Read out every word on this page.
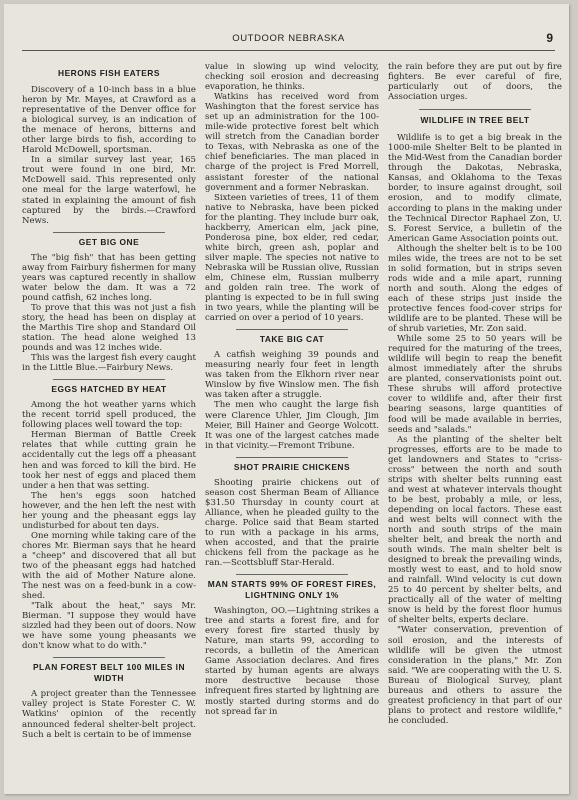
OUTDOOR NEBRASKA	9
HERONS FISH EATERS

Discovery of a 10-inch bass in a blue heron by Mr. Mayes, at Crawford as a representative of the Denver office for a biological survey, is an indication of the menace of herons, bitterns and other large birds to fish, according to Harold McDowell, sportsman.

In a similar survey last year, 165 trout were found in one bird, Mr. McDowell said. This represented only one meal for the large waterfowl, he stated in explaining the amount of fish captured by the birds.—Crawford News.

GET BIG ONE

The "big fish" that has been getting away from Fairbury fishermen for many years was captured recently in shallow water below the dam. It was a 72 pound catfish, 62 inches long.

To prove that this was not just a fish story, the head has been on display at the Marthis Tire shop and Standard Oil station. The head alone weighed 13 pounds and was 12 inches wide.

This was the largest fish every caught in the Little Blue.—Fairbury News.

EGGS HATCHED BY HEAT

Among the hot weather yarns which the recent torrid spell produced, the following places well toward the top:

Herman Bierman of Battle Creek relates that while cutting grain he accidentally cut the legs off a pheasant hen and was forced to kill the bird. He took her nest of eggs and placed them under a hen that was setting.

The hen's eggs soon hatched however, and the hen left the nest with her young and the pheasant eggs lay undisturbed for about ten days.

One morning while taking care of the chores Mr. Bierman says that he heard a "cheep" and discovered that all but two of the pheasant eggs had hatched with the aid of Mother Nature alone. The nest was on a feed-bunk in a cow-shed.

"Talk about the heat," says Mr. Bierman. "I suppose they would have sizzled had they been out of doors. Now we have some young pheasants we don't know what to do with."

PLAN FOREST BELT 100 MILES IN WIDTH

A project greater than the Tennessee valley project is State Forester C. W. Watkins' opinion of the recently announced federal shelter-belt project. Such a belt is certain to be of immense

value in slowing up wind velocity, checking soil erosion and decreasing evaporation, he thinks.

Watkins has received word from Washington that the forest service has set up an administration for the 100-mile-wide protective forest belt which will stretch from the Canadian border to Texas, with Nebraska as one of the chief beneficiaries. The man placed in charge of the project is Fred Morrell, assistant forester of the national government and a former Nebraskan.

Sixteen varieties of trees, 11 of them native to Nebraska, have been picked for the planting. They include burr oak, hackberry, American elm, jack pine, Ponderosa pine, box elder, red cedar, white birch, green ash, poplar and silver maple. The species not native to Nebraska will be Russian olive, Russian elm, Chinese elm, Russian mulberry and golden rain tree. The work of planting is expected to be in full swing in two years, while the planting will be carried on over a period of 10 years.

TAKE BIG CAT

A catfish weighing 39 pounds and measuring nearly four feet in length was taken from the Elkhorn river near Winslow by five Winslow men. The fish was taken after a struggle.

The men who caught the large fish were Clarence Uhler, Jim Clough, Jim Meier, Bill Hainer and George Wolcott. It was one of the largest catches made in that vicinity.—Fremont Tribune.

SHOT PRAIRIE CHICKENS

Shooting prairie chickens out of season cost Sherman Beam of Alliance $31.50 Thursday in county court at Alliance, when he pleaded guilty to the charge. Police said that Beam started to run with a package in his arms, when accosted, and that the prairie chickens fell from the package as he ran.—Scottsbluff Star-Herald.

MAN STARTS 99% OF FOREST FIRES, LIGHTNING ONLY 1%

Washington, OO.—Lightning strikes a tree and starts a forest fire, and for every forest fire started thusly by Nature, man starts 99, according to records, a bulletin of the American Game Association declares. And fires started by human agents are always more destructive because those infrequent fires started by lightning are mostly started during storms and do not spread far in

the rain before they are put out by fire fighters. Be ever careful of fire, particularly out of doors, the Association urges.

WILDLIFE IN TREE BELT

Wildlife is to get a big break in the 1000-mile Shelter Belt to be planted in the Mid-West from the Canadian border through the Dakotas, Nebraska, Kansas, and Oklahoma to the Texas border, to insure against drought, soil erosion, and to modify climate, according to plans in the making under the Technical Director Raphael Zon, U. S. Forest Service, a bulletin of the American Game Association points out.

Although the shelter belt is to be 100 miles wide, the trees are not to be set in solid formation, but in strips seven rods wide and a mile apart, running north and south. Along the edges of each of these strips just inside the protective fences food-cover strips for wildlife are to be planted. These will be of shrub varieties, Mr. Zon said.

While some 25 to 50 years will be required for the maturing of the trees, wildlife will begin to reap the benefit almost immediately after the shrubs are planted, conservationists point out. These shrubs will afford protective cover to wildlife and, after their first bearing seasons, large quantities of food will be made available in berries, seeds and "salads."

As the planting of the shelter belt progresses, efforts are to be made to get landowners and States to "criss-cross" between the north and south strips with shelter belts running east and west at whatever intervals thought to be best, probably a mile, or less, depending on local factors. These east and west belts will connect with the north and south strips of the main shelter belt, and break the north and south winds. The main shelter belt is designed to break the prevailing winds, mostly west to east, and to hold snow and rainfall. Wind velocity is cut down 25 to 40 percent by shelter belts, and practically all of the water of melting snow is held by the forest floor humus of shelter belts, experts declare.

"Water conservation, prevention of soil erosion, and the interests of wildlife will be given the utmost consideration in the plans," Mr. Zon said. "We are cooperating with the U. S. Bureau of Biological Survey, plant bureaus and others to assure the greatest proficiency in that part of our plans to protect and restore wildlife," he concluded.
